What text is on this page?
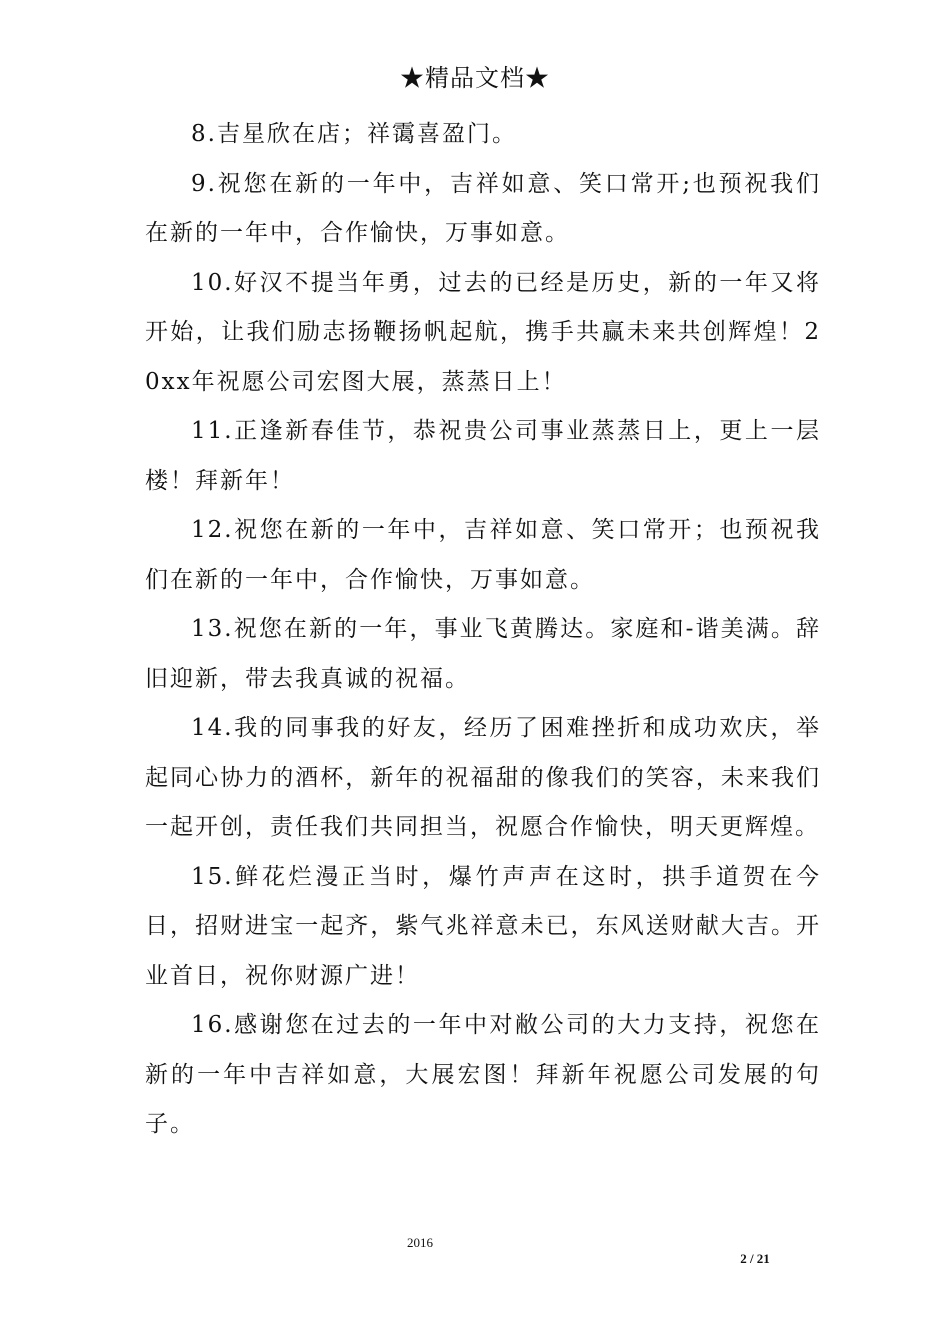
★精品文档★

8.吉星欣在店；祥霭喜盈门。

9.祝您在新的一年中，吉祥如意、笑口常开;也预祝我们在新的一年中，合作愉快，万事如意。

10.好汉不提当年勇，过去的已经是历史，新的一年又将开始，让我们励志扬鞭扬帆起航，携手共赢未来共创辉煌！20xx年祝愿公司宏图大展，蒸蒸日上！

11.正逢新春佳节，恭祝贵公司事业蒸蒸日上，更上一层楼！拜新年！

12.祝您在新的一年中，吉祥如意、笑口常开；也预祝我们在新的一年中，合作愉快，万事如意。

13.祝您在新的一年，事业飞黄腾达。家庭和-谐美满。辞旧迎新，带去我真诚的祝福。

14.我的同事我的好友，经历了困难挫折和成功欢庆，举起同心协力的酒杯，新年的祝福甜的像我们的笑容，未来我们一起开创，责任我们共同担当，祝愿合作愉快，明天更辉煌。

15.鲜花烂漫正当时，爆竹声声在这时，拱手道贺在今日，招财进宝一起齐，紫气兆祥意未已，东风送财献大吉。开业首日，祝你财源广进！

16.感谢您在过去的一年中对敝公司的大力支持，祝您在新的一年中吉祥如意，大展宏图！拜新年祝愿公司发展的句子。

2016
2 / 21
